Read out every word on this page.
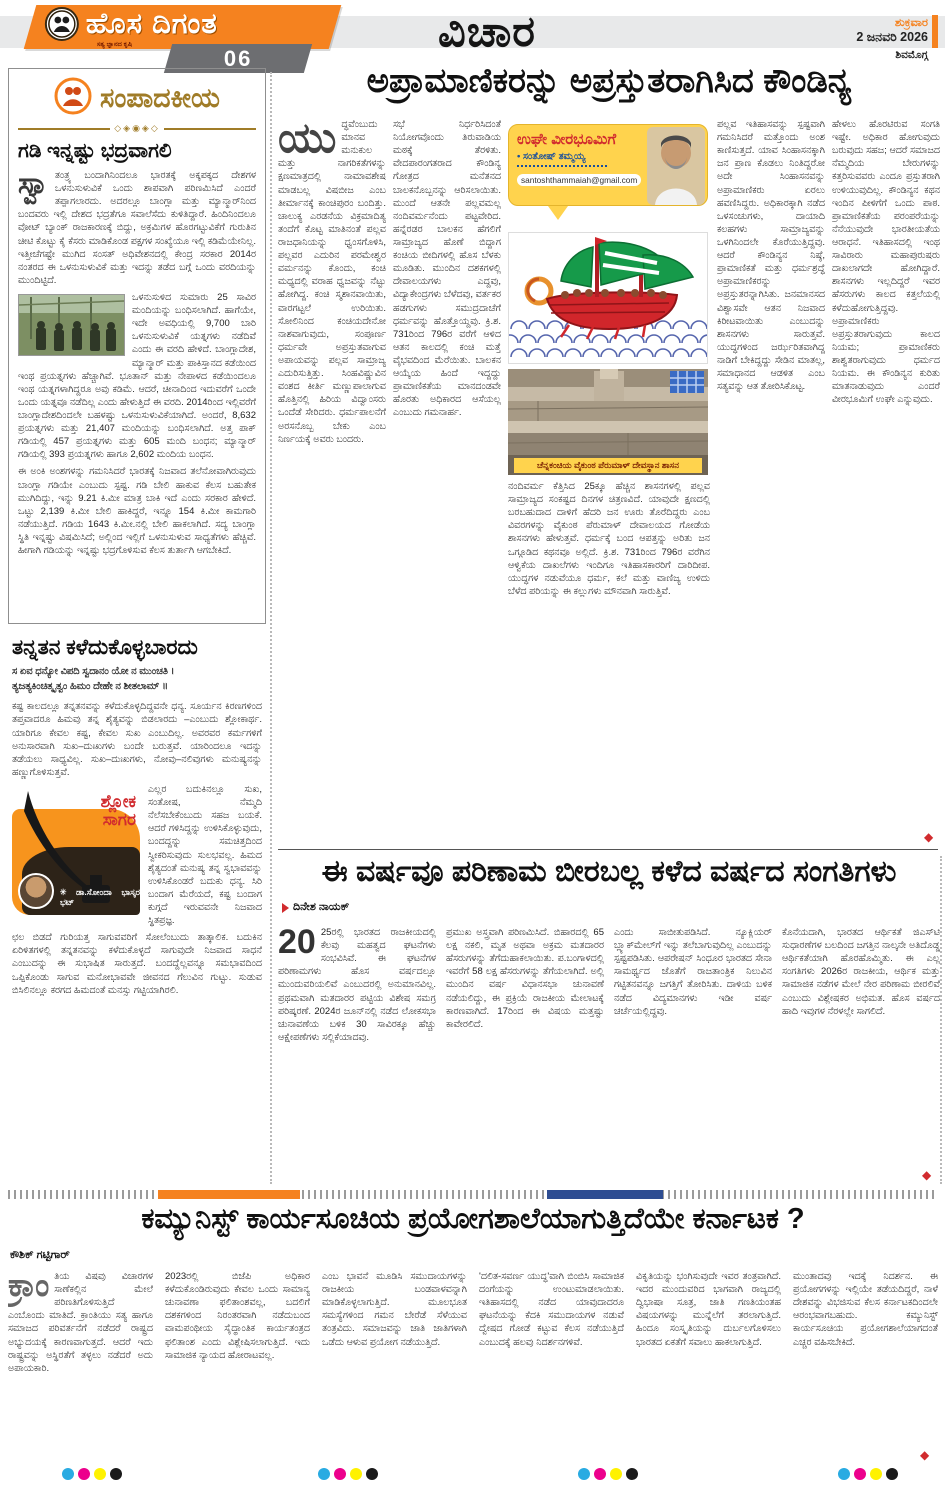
ಹೊಸ ದಿಗಂತ
ಸತ್ಯ ಜ್ಞಾನದ ಕೃಷಿ
06
ವಿಚಾರ	ಶುಕ್ರವಾರ
2 ಜನವರಿ 2026
ಶಿವಮೊಗ್ಗ
ಸಂಪಾದಕೀಯ
◇◈◉◈◇
ಗಡಿ ಇನ್ನಷ್ಟು ಭದ್ರವಾಗಲಿ
ಸ್ವಾ ತಂತ್ರ್ಯ ಬಂದಾಗಿನಿಂದಲೂ ಭಾರತಕ್ಕೆ ಅಕ್ಕಪಕ್ಕದ ದೇಶಗಳ ಒಳನುಸುಳುವಿಕೆ ಒಂದು ಶಾಪವಾಗಿ ಪರಿಣಮಿಸಿದೆ ಎಂದರೆ ತಪ್ಪಾಗಲಾರದು. ಅದರಲ್ಲೂ ಬಾಂಗ್ಲಾ ಮತ್ತು ಮ್ಯಾನ್ಮಾರ್‌ನಿಂದ ಬಂದವರು ಇಲ್ಲಿ ದೇಶದ ಭದ್ರತೆಗೂ ಸವಾಲೆಸೆದು ಕುಳಿತಿದ್ದಾರೆ. ಹಿಂದಿನಿಂದಲೂ ವೋಟ್ ಬ್ಯಾಂಕ್ ರಾಜಕಾರಣಕ್ಕೆ ಬಿದ್ದು, ಅಕ್ರಮಿಗಳ ಹೊರಗಟ್ಟುವಿಕೆಗೆ ಗುರುತಿನ ಚೀಟಿ ಕೊಟ್ಟು ಕೈ ಕೆಸರು ಮಾಡಿಕೊಂಡ ಪಕ್ಷಗಳ ಸಂಖ್ಯೆಯೂ ಇಲ್ಲಿ ಕಡಿಮೆಯೇನಿಲ್ಲ. ಇತ್ತೀಚೆಗಷ್ಟೇ ಮುಗಿದ ಸಂಸತ್ ಅಧಿವೇಶನದಲ್ಲಿ ಕೇಂದ್ರ ಸರಕಾರ 2014ರ ನಂತರದ ಈ ಒಳನುಸುಳುವಿಕೆ ಮತ್ತು ಇದನ್ನು ತಡೆದ ಬಗ್ಗೆ ಒಂದು ವರದಿಯನ್ನು ಮುಂದಿಟ್ಟಿದೆ.
ಒಳನುಸುಳಿದ ಸುಮಾರು 25 ಸಾವಿರ ಮಂದಿಯನ್ನು ಬಂಧಿಸಲಾಗಿದೆ. ಹಾಗೆಯೇ, ಇದೇ ಅವಧಿಯಲ್ಲಿ 9,700 ಬಾರಿ ಒಳನುಸುಳುವಿಕೆ ಯತ್ನಗಳು ನಡೆದಿವೆ ಎಂದು ಈ ವರದಿ ಹೇಳಿದೆ. ಬಾಂಗ್ಲಾದೇಶ, ಮ್ಯಾನ್ಮಾರ್ ಮತ್ತು ಪಾಕಿಸ್ತಾನದ ಕಡೆಯಿಂದ ಇಂಥ ಪ್ರಯತ್ನಗಳು ಹೆಚ್ಚಾಗಿವೆ. ಭೂತಾನ್ ಮತ್ತು ನೇಪಾಳದ ಕಡೆಯಿಂದಲೂ ಇಂಥ ಯತ್ನಗಳಾಗಿದ್ದರೂ ಅವು ಕಡಿಮೆ. ಆದರೆ, ಚೀನಾದಿಂದ ಇದುವರೆಗೆ ಒಂದೇ ಒಂದು ಯತ್ನವೂ ನಡೆದಿಲ್ಲ ಎಂದು ಹೇಳುತ್ತಿದೆ ಈ ವರದಿ. 2014ರಿಂದ ಇಲ್ಲಿವರೆಗೆ ಬಾಂಗ್ಲಾದೇಶದಿಂದಲೇ ಬಹಳಷ್ಟು ಒಳನುಸುಳುವಿಕೆಯಾಗಿದೆ. ಅಂದರೆ, 8,632 ಪ್ರಯತ್ನಗಳು ಮತ್ತು 21,407 ಮಂದಿಯನ್ನು ಬಂಧಿಸಲಾಗಿದೆ. ಅತ್ತ ಪಾಕ್ ಗಡಿಯಲ್ಲಿ 457 ಪ್ರಯತ್ನಗಳು ಮತ್ತು 605 ಮಂದಿ ಬಂಧನ; ಮ್ಯಾನ್ಮಾರ್ ಗಡಿಯಲ್ಲಿ 393 ಪ್ರಯತ್ನಗಳು ಹಾಗೂ 2,602 ಮಂದಿಯ ಬಂಧನ.
ಈ ಅಂಕಿ ಅಂಶಗಳನ್ನು ಗಮನಿಸಿದರೆ ಭಾರತಕ್ಕೆ ನಿಜವಾದ ತಲೆನೋವಾಗಿರುವುದು ಬಾಂಗ್ಲಾ ಗಡಿಯೇ ಎಂಬುದು ಸ್ಪಷ್ಟ. ಗಡಿ ಬೇಲಿ ಹಾಕುವ ಕೆಲಸ ಬಹುತೇಕ ಮುಗಿದಿದ್ದು, ಇನ್ನು 9.21 ಕಿ.ಮೀ ಮಾತ್ರ ಬಾಕಿ ಇದೆ ಎಂದು ಸರಕಾರ ಹೇಳಿದೆ. ಒಟ್ಟು 2,139 ಕಿ.ಮೀ ಬೇಲಿ ಹಾಕಿದ್ದರೆ, ಇನ್ನೂ 154 ಕಿ.ಮೀ ಕಾಮಗಾರಿ ನಡೆಯುತ್ತಿದೆ. ಗಡಿಯ 1643 ಕಿ.ಮೀ.ನಲ್ಲಿ ಬೇಲಿ ಹಾಕಲಾಗಿದೆ. ಸದ್ಯ ಬಾಂಗ್ಲಾ ಸ್ಥಿತಿ ಇನ್ನಷ್ಟು ವಿಷಮಿಸಿದೆ; ಅಲ್ಲಿಂದ ಇಲ್ಲಿಗೆ ಒಳನುಸುಳುವ ಸಾಧ್ಯತೆಗಳು ಹೆಚ್ಚಿವೆ. ಹೀಗಾಗಿ ಗಡಿಯನ್ನು ಇನ್ನಷ್ಟು ಭದ್ರಗೊಳಿಸುವ ಕೆಲಸ ತುರ್ತಾಗಿ ಆಗಬೇಕಿದೆ.
ತನ್ನತನ ಕಳೆದುಕೊಳ್ಳಬಾರದು
ಸ ಏವ ಧನ್ಯೋ ವಿಪದಿ ಸ್ವದಾನಂ ಯೋ ನ ಮುಂಚತಿ ।
ತ್ಯಜತ್ಯಕಿಂಚಿತ್ಕೃತ್ವಂ ಹಿಮಂ ದೇಹೇ ನ ಶೀತಲಾಮ್ ॥
ಕಷ್ಟ ಕಾಲದಲ್ಲೂ ತನ್ನತನವನ್ನು ಕಳೆದುಕೊಳ್ಳದಿದ್ದವನೇ ಧನ್ಯ. ಸೂರ್ಯನ ಕಿರಣಗಳಿಂದ ತಪ್ತವಾದರೂ ಹಿಮವು ತನ್ನ ಶೈತ್ಯವನ್ನು ಬಿಡಲಾರದು –ಎಂಬುದು ಶ್ಲೋಕಾರ್ಥ. ಯಾರಿಗೂ ಕೇವಲ ಕಷ್ಟ, ಕೇವಲ ಸುಖ ಎಂಬುದಿಲ್ಲ. ಅವರವರ ಕರ್ಮಗಳಿಗೆ ಅನುಸಾರವಾಗಿ ಸುಖ–ದುಃಖಗಳು ಬಂದೇ ಬರುತ್ತವೆ. ಯಾರಿಂದಲೂ ಇದನ್ನು ತಡೆಯಲು ಸಾಧ್ಯವಿಲ್ಲ. ಸುಖ–ದುಃಖಗಳು, ನೋವು–ನಲಿವುಗಳು ಮನುಷ್ಯನನ್ನು ಹಣ್ಣುಗೊಳಿಸುತ್ತವೆ.
ಶ್ಲೋಕ
ಸಾಗರ
✳ ಡಾ.ಸೋಂದಾ ಭಾಸ್ಕರ ಭಟ್
ಎಲ್ಲರ ಬದುಕಿನಲ್ಲೂ ಸುಖ, ಸಂತೋಷ, ನೆಮ್ಮದಿ ನೆಲೆಸಬೇಕೆಂಬುದು ಸಹಜ ಬಯಕೆ. ಆದರೆ ಗಳಿಸಿದ್ದನ್ನು ಉಳಿಸಿಕೊಳ್ಳುವುದು, ಬಂದದ್ದನ್ನು ಸಮಚಿತ್ತದಿಂದ ಸ್ವೀಕರಿಸುವುದು ಸುಲಭವಲ್ಲ. ಹಿಮದ ಶೈತ್ಯದಂತೆ ಮನುಷ್ಯ ತನ್ನ ಸ್ವಭಾವವನ್ನು ಉಳಿಸಿಕೊಂಡರೆ ಬದುಕು ಧನ್ಯ. ಸಿರಿ ಬಂದಾಗ ಮೆರೆಯದೆ, ಕಷ್ಟ ಬಂದಾಗ ಕುಗ್ಗದೆ ಇರುವವನೇ ನಿಜವಾದ ಸ್ಥಿತಪ್ರಜ್ಞ.
ಛಲ ಬಿಡದೆ ಗುರಿಯತ್ತ ಸಾಗುವವರಿಗೆ ಸೋಲೆಂಬುದು ತಾತ್ಕಾಲಿಕ. ಬದುಕಿನ ಏರಿಳಿತಗಳಲ್ಲಿ ತನ್ನತನವನ್ನು ಕಳೆದುಕೊಳ್ಳದೆ ಸಾಗುವುದೇ ನಿಜವಾದ ಸಾಧನೆ ಎಂಬುದನ್ನು ಈ ಸುಭಾಷಿತ ಸಾರುತ್ತದೆ. ಬಂದದ್ದೆಲ್ಲವನ್ನೂ ಸಮಭಾವದಿಂದ ಒಪ್ಪಿಕೊಂಡು ಸಾಗುವ ಮನೋಭಾವವೇ ಜೀವನದ ಗೆಲುವಿನ ಗುಟ್ಟು. ಸುಡುವ ಬಿಸಿಲಿನಲ್ಲೂ ಕರಗದ ಹಿಮದಂತೆ ಮನಸ್ಸು ಗಟ್ಟಿಯಾಗಿರಲಿ.
ಅಪ್ರಾಮಾಣಿಕರನ್ನು ಅಪ್ರಸ್ತುತರಾಗಿಸಿದ ಕೌಂಡಿನ್ಯ
ಯುದ್ಧವೆಂಬುದು ಮಾನವ ಮನುಕುಲ ಮತ್ತು ನಾಗರಿಕತೆಗಳನ್ನು ಕ್ಷಣಮಾತ್ರದಲ್ಲಿ ನಾಮಾವಶೇಷ ಮಾಡಬಲ್ಲ ವಿಷಬೀಜ ಎಂಬ ತೀರ್ಮಾನಕ್ಕೆ ಕಾಂಚಿಪುರಂ ಬಂದಿತ್ತು. ಚಾಲುಕ್ಯ ಎರಡನೆಯ ವಿಕ್ರಮಾದಿತ್ಯ ತಂದೆಗೆ ಕೊಟ್ಟ ಮಾತಿನಂತೆ ಪಲ್ಲವ ರಾಜಧಾನಿಯನ್ನು ಧ್ವಂಸಗೊಳಿಸಿ, ಪಲ್ಲವರ ಎದುರಿನ ಪರಮೇಶ್ವರ ವರ್ಮನನ್ನು ಕೊಂದು, ಕಂಚಿ ಮಧ್ಯದಲ್ಲಿ ವರಾಹ ಧ್ವಜವನ್ನು ನೆಟ್ಟು ಹೋಗಿದ್ದ. ಕಂಚಿ ಸ್ಮಶಾನವಾಯಿತು, ವಾರಗಟ್ಟಲೆ ಉರಿಯಿತು. ಸೋಲಿನಿಂದ ಕಂಚಿಯದೇನೋ ನಾಶವಾಗುವುದು, ಸಂಪೂರ್ಣ ಧರ್ಮವೇ ಅಪ್ರಸ್ತುತವಾಗುವ ಅಪಾಯವನ್ನು ಪಲ್ಲವ ಸಾಮ್ರಾಜ್ಯ ಎದುರಿಸುತ್ತಿತ್ತು. ಸಿಂಹವಿಷ್ಣುವಿನ ವಂಶದ ಕೀರ್ತಿ ಮಣ್ಣುಪಾಲಾಗುವ ಹೊತ್ತಿನಲ್ಲಿ ಹಿರಿಯ ವಿದ್ವಾಂಸರು ಒಂದೆಡೆ ಸೇರಿದರು. ಧರ್ಮಪಾಲನೆಗೆ ಅರಸನೊಬ್ಬ ಬೇಕು ಎಂಬ ನಿರ್ಣಯಕ್ಕೆ ಅವರು ಬಂದರು.
ಸಭೆ ನಿರ್ಧರಿಸಿದಂತೆ ನಿಯೋಗವೊಂದು ತಿರುವಾಡಿಯ ಮಠಕ್ಕೆ ತೆರಳಿತು. ವೇದಪಾರಂಗತರಾದ ಕೌಂಡಿನ್ಯ ಗೋತ್ರದ ಮನೆತನದ ಬಾಲಕನೊಬ್ಬನನ್ನು ಆರಿಸಲಾಯಿತು. ಮುಂದೆ ಆತನೇ ಪಲ್ಲವಮಲ್ಲ ನಂದಿವರ್ಮನೆಂದು ಪಟ್ಟವೇರಿದ. ಹನ್ನೆರಡರ ಬಾಲಕನ ಹೆಗಲಿಗೆ ಸಾಮ್ರಾಜ್ಯದ ಹೊಣೆ ಬಿದ್ದಾಗ ಕಂಚಿಯ ಬೀದಿಗಳಲ್ಲಿ ಹೊಸ ಬೆಳಕು ಮೂಡಿತು. ಮುಂದಿನ ದಶಕಗಳಲ್ಲಿ ದೇವಾಲಯಗಳು ಎದ್ದವು, ವಿದ್ಯಾಕೇಂದ್ರಗಳು ಬೆಳೆದವು, ವರ್ತಕರ ಹಡಗುಗಳು ಸಮುದ್ರದಾಚೆಗೆ ಧರ್ಮವನ್ನು ಹೊತ್ತೊಯ್ದವು. ಕ್ರಿ.ಶ. 731ರಿಂದ 796ರ ವರೆಗೆ ಆಳಿದ ಆತನ ಕಾಲದಲ್ಲಿ ಕಂಚಿ ಮತ್ತೆ ವೈಭವದಿಂದ ಮೆರೆಯಿತು. ಬಾಲಕನ ಆಯ್ಕೆಯ ಹಿಂದೆ ಇದ್ದದ್ದು ಪ್ರಾಮಾಣಿಕತೆಯ ಮಾನದಂಡವೇ ಹೊರತು ಅಧಿಕಾರದ ಆಸೆಯಲ್ಲ ಎಂಬುದು ಗಮನಾರ್ಹ.
ಉಘೇ ವೀರಭೂಮಿಗೆ
• ಸಂತೋಷ್ ತಮ್ಮಯ್ಯ
santoshthammaiah@gmail.com
ಚೆನ್ನಕಂಚಿಯ ವೈಕುಂಠ ಪೆರುಮಾಳ್ ದೇವಸ್ಥಾನ ಶಾಸನ
ನಂದಿವರ್ಮ ಕೆತ್ತಿಸಿದ 25ಕ್ಕೂ ಹೆಚ್ಚಿನ ಶಾಸನಗಳಲ್ಲಿ ಪಲ್ಲವ ಸಾಮ್ರಾಜ್ಯದ ಸಂಕಷ್ಟದ ದಿನಗಳ ಚಿತ್ರಣವಿದೆ. ಯಾವುದೇ ಕ್ಷಣದಲ್ಲಿ ಬರಬಹುದಾದ ದಾಳಿಗೆ ಹೆದರಿ ಜನ ಊರು ತೊರೆದಿದ್ದರು ಎಂಬ ವಿವರಗಳನ್ನು ವೈಕುಂಠ ಪೆರುಮಾಳ್ ದೇವಾಲಯದ ಗೋಡೆಯ ಶಾಸನಗಳು ಹೇಳುತ್ತವೆ. ಧರ್ಮಕ್ಕೆ ಬಂದ ಆಪತ್ತನ್ನು ಅರಿತು ಜನ ಒಗ್ಗೂಡಿದ ಕಥನವೂ ಅಲ್ಲಿದೆ. ಕ್ರಿ.ಶ. 731ರಿಂದ 796ರ ವರೆಗಿನ ಆಳ್ವಿಕೆಯ ದಾಖಲೆಗಳು ಇಂದಿಗೂ ಇತಿಹಾಸಕಾರರಿಗೆ ದಾರಿದೀಪ. ಯುದ್ಧಗಳ ನಡುವೆಯೂ ಧರ್ಮ, ಕಲೆ ಮತ್ತು ವಾಣಿಜ್ಯ ಉಳಿದು ಬೆಳೆದ ಪರಿಯನ್ನು ಈ ಕಲ್ಲುಗಳು ಮೌನವಾಗಿ ಸಾರುತ್ತಿವೆ.
ಪಲ್ಲವ ಇತಿಹಾಸವನ್ನು ಸ್ಪಷ್ಟವಾಗಿ ಗಮನಿಸಿದರೆ ಮತ್ತೊಂದು ಅಂಶ ಕಾಣಿಸುತ್ತದೆ. ಯಾವ ಸಿಂಹಾಸನಕ್ಕಾಗಿ ಜನ ಪ್ರಾಣ ಕೊಡಲು ನಿಂತಿದ್ದರೋ ಅದೇ ಸಿಂಹಾಸನವನ್ನು ಅಪ್ರಾಮಾಣಿಕರು ಏರಲು ಹವಣಿಸಿದ್ದರು. ಅಧಿಕಾರಕ್ಕಾಗಿ ನಡೆದ ಒಳಸಂಚುಗಳು, ದಾಯಾದಿ ಕಲಹಗಳು ಸಾಮ್ರಾಜ್ಯವನ್ನು ಒಳಗಿನಿಂದಲೇ ಕೊರೆಯುತ್ತಿದ್ದವು. ಆದರೆ ಕೌಂಡಿನ್ಯನ ನಿಷ್ಠೆ, ಪ್ರಾಮಾಣಿಕತೆ ಮತ್ತು ಧರ್ಮಶ್ರದ್ಧೆ ಅಪ್ರಾಮಾಣಿಕರನ್ನು ಅಪ್ರಸ್ತುತರನ್ನಾಗಿಸಿತು. ಜನಮಾನಸದ ವಿಶ್ವಾಸವೇ ಆತನ ನಿಜವಾದ ಕಿರೀಟವಾಯಿತು ಎಂಬುದನ್ನು ಶಾಸನಗಳು ಸಾರುತ್ತವೆ. ಯುದ್ಧಗಳಿಂದ ಜರ್ಝರಿತವಾಗಿದ್ದ ನಾಡಿಗೆ ಬೇಕಿದ್ದದ್ದು ಸೇಡಿನ ಮಾತಲ್ಲ, ಸಮಾಧಾನದ ಆಡಳಿತ ಎಂಬ ಸತ್ಯವನ್ನು ಆತ ತೋರಿಸಿಕೊಟ್ಟ.
ಹೇಳಲು ಹೊರಟಿರುವ ಸಂಗತಿ ಇಷ್ಟೇ. ಅಧಿಕಾರ ಹೋಗುವುದು ಬರುವುದು ಸಹಜ; ಆದರೆ ಸಮಾಜದ ನೆಮ್ಮದಿಯ ಬೇರುಗಳನ್ನು ಕತ್ತರಿಸುವವರು ಎಂದೂ ಪ್ರಸ್ತುತರಾಗಿ ಉಳಿಯುವುದಿಲ್ಲ. ಕೌಂಡಿನ್ಯನ ಕಥನ ಇಂದಿನ ಪೀಳಿಗೆಗೆ ಒಂದು ಪಾಠ. ಪ್ರಾಮಾಣಿಕತೆಯ ಪರಂಪರೆಯನ್ನು ನೆನೆಯುವುದೇ ಭಾರತೀಯತೆಯ ಆರಾಧನೆ. ಇತಿಹಾಸದಲ್ಲಿ ಇಂಥ ಸಾವಿರಾರು ಮಹಾಪುರುಷರು ದಾಖಲಾಗದೇ ಹೋಗಿದ್ದಾರೆ. ಶಾಸನಗಳು ಇಲ್ಲದಿದ್ದರೆ ಇವರ ಹೆಸರುಗಳು ಕಾಲದ ಕತ್ತಲೆಯಲ್ಲಿ ಕಳೆದುಹೋಗುತ್ತಿದ್ದವು. ಅಪ್ರಾಮಾಣಿಕರು ಅಪ್ರಸ್ತುತರಾಗುವುದು ಕಾಲದ ನಿಯಮ; ಪ್ರಾಮಾಣಿಕರು ಶಾಶ್ವತರಾಗುವುದು ಧರ್ಮದ ನಿಯಮ. ಈ ಕೌಂಡಿನ್ಯನ ಕುರಿತು ಮಾತನಾಡುವುದು ಎಂದರೆ ವೀರಭೂಮಿಗೆ ಉಘೇ ಎನ್ನುವುದು.
◆
ಈ ವರ್ಷವೂ ಪರಿಣಾಮ ಬೀರಬಲ್ಲ ಕಳೆದ ವರ್ಷದ ಸಂಗತಿಗಳು
ದಿನೇಶ ನಾಯಕ್
20 25ರಲ್ಲಿ ಭಾರತದ ರಾಜಕೀಯದಲ್ಲಿ ಕೆಲವು ಮಹತ್ವದ ಘಟನೆಗಳು ಸಂಭವಿಸಿವೆ. ಈ ಘಟನೆಗಳ ಪರಿಣಾಮಗಳು ಹೊಸ ವರ್ಷದಲ್ಲೂ ಮುಂದುವರಿಯಲಿವೆ ಎಂಬುದರಲ್ಲಿ ಅನುಮಾನವಿಲ್ಲ. ಪ್ರಥಮವಾಗಿ ಮತದಾರರ ಪಟ್ಟಿಯ ವಿಶೇಷ ಸಮಗ್ರ ಪರಿಷ್ಕರಣೆ. 2024ರ ಜೂನ್‌ನಲ್ಲಿ ನಡೆದ ಲೋಕಸಭಾ ಚುನಾವಣೆಯ ಬಳಿಕ 30 ಸಾವಿರಕ್ಕೂ ಹೆಚ್ಚು ಆಕ್ಷೇಪಣೆಗಳು ಸಲ್ಲಿಕೆಯಾದವು.
ಪ್ರಮುಖ ಅಸ್ತ್ರವಾಗಿ ಪರಿಣಮಿಸಿದೆ. ಬಿಹಾರದಲ್ಲಿ 65 ಲಕ್ಷ ನಕಲಿ, ಮೃತ ಅಥವಾ ಅಕ್ರಮ ಮತದಾರರ ಹೆಸರುಗಳನ್ನು ತೆಗೆದುಹಾಕಲಾಯಿತು. ಪ.ಬಂಗಾಳದಲ್ಲಿ ಇವರೆಗೆ 58 ಲಕ್ಷ ಹೆಸರುಗಳನ್ನು ತೆಗೆಯಲಾಗಿದೆ. ಅಲ್ಲಿ ಮುಂದಿನ ವರ್ಷ ವಿಧಾನಸಭಾ ಚುನಾವಣೆ ನಡೆಯಲಿದ್ದು, ಈ ಪ್ರಕ್ರಿಯೆ ರಾಜಕೀಯ ಮೇಲಾಟಕ್ಕೆ ಕಾರಣವಾಗಿದೆ. 17ರಿಂದ ಈ ವಿಷಯ ಮತ್ತಷ್ಟು ಕಾವೇರಲಿದೆ.
ಎಂದು ಸಾಬೀತುಪಡಿಸಿದೆ. ನ್ಯೂಕ್ಲಿಯರ್ ಬ್ಲ್ಯಾಕ್‌ಮೇಲ್‌ಗೆ ಇನ್ನು ತಲೆಬಾಗುವುದಿಲ್ಲ ಎಂಬುದನ್ನು ಸ್ಪಷ್ಟಪಡಿಸಿತು. ಆಪರೇಷನ್ ಸಿಂಧೂರ ಭಾರತದ ಸೇನಾ ಸಾಮರ್ಥ್ಯದ ಜೊತೆಗೆ ರಾಜತಾಂತ್ರಿಕ ನಿಲುವಿನ ಗಟ್ಟಿತನವನ್ನೂ ಜಗತ್ತಿಗೆ ತೋರಿಸಿತು. ದಾಳಿಯ ಬಳಿಕ ನಡೆದ ವಿದ್ಯಮಾನಗಳು ಇಡೀ ವರ್ಷ ಚರ್ಚೆಯಲ್ಲಿದ್ದವು.
ಕೊನೆಯದಾಗಿ, ಭಾರತದ ಆರ್ಥಿಕತೆ ಜಿಎಸ್‌ಟಿ ಸುಧಾರಣೆಗಳ ಬಲದಿಂದ ಜಗತ್ತಿನ ನಾಲ್ಕನೇ ಅತಿದೊಡ್ಡ ಆರ್ಥಿಕತೆಯಾಗಿ ಹೊರಹೊಮ್ಮಿತು. ಈ ಎಲ್ಲ ಸಂಗತಿಗಳು 2026ರ ರಾಜಕೀಯ, ಆರ್ಥಿಕ ಮತ್ತು ಸಾಮಾಜಿಕ ನಡೆಗಳ ಮೇಲೆ ನೇರ ಪರಿಣಾಮ ಬೀರಲಿವೆ ಎಂಬುದು ವಿಶ್ಲೇಷಕರ ಅಭಿಮತ. ಹೊಸ ವರ್ಷದ ಹಾದಿ ಇವುಗಳ ನೆರಳಲ್ಲೇ ಸಾಗಲಿದೆ.
◆
ಕಮ್ಯುನಿಸ್ಟ್ ಕಾರ್ಯಸೂಚಿಯ ಪ್ರಯೋಗಶಾಲೆಯಾಗುತ್ತಿದೆಯೇ ಕರ್ನಾಟಕ ?
ಕೌಶಿಕ್ ಗಟ್ಟಿಗಾರ್
ಕ್ರಾಂ ತಿಯ ವಿಷವು ವಿಚಾರಗಳ ಸಾಣೆಕಲ್ಲಿನ ಮೇಲೆ ಪರಿಣತಿಗೊಳಿಸುತ್ತಿದೆ ಎಂಬೊಂದು ಮಾತಿದೆ. ಕ್ರಾಂತಿಯು ಸತ್ಯ ಹಾಗೂ ಸಮಾಜದ ಪರಿವರ್ತನೆಗೆ ನಡೆದರೆ ರಾಷ್ಟ್ರದ ಅಭ್ಯುದಯಕ್ಕೆ ಕಾರಣವಾಗುತ್ತದೆ. ಆದರೆ ಇದು ರಾಷ್ಟ್ರವನ್ನು ಅಸ್ಥಿರತೆಗೆ ತಳ್ಳಲು ನಡೆದರೆ ಅದು ಅಪಾಯಕಾರಿ.
2023ರಲ್ಲಿ ಬಿಜೆಪಿ ಅಧಿಕಾರ ಕಳೆದುಕೊಂಡಿರುವುದು ಕೇವಲ ಒಂದು ಸಾಮಾನ್ಯ ಚುನಾವಣಾ ಫಲಿತಾಂಶವಲ್ಲ, ಬದಲಿಗೆ ದಶಕಗಳಿಂದ ನಿರಂತರವಾಗಿ ನಡೆದುಬಂದ ವಾಮಪಂಥೀಯ ಸೈದ್ಧಾಂತಿಕ ಕಾರ್ಯತಂತ್ರದ ಫಲಿತಾಂಶ ಎಂದು ವಿಶ್ಲೇಷಿಸಲಾಗುತ್ತಿದೆ. ಇದು ಸಾಮಾಜಿಕ ನ್ಯಾಯದ ಹೋರಾಟವಲ್ಲ.
ಎಂಬ ಭಾವನೆ ಮೂಡಿಸಿ ಸಮುದಾಯಗಳನ್ನು ರಾಜಕೀಯ ಬಂಡವಾಳವನ್ನಾಗಿ ಮಾಡಿಕೊಳ್ಳಲಾಗುತ್ತಿದೆ. ಮೂಲಭೂತ ಸಮಸ್ಯೆಗಳಿಂದ ಗಮನ ಬೇರೆಡೆ ಸೆಳೆಯುವ ತಂತ್ರವಿದು. ಸಮಾಜವನ್ನು ಜಾತಿ ಜಾತಿಗಳಾಗಿ ಒಡೆದು ಆಳುವ ಪ್ರಯೋಗ ನಡೆಯುತ್ತಿದೆ.
'ದಲಿತ-ಸವರ್ಣ ಯುದ್ಧ'ವಾಗಿ ಬಿಂಬಿಸಿ ಸಾಮಾಜಿಕ ದಂಗೆಯನ್ನು ಉಂಟುಮಾಡಲಾಯಿತು. ಇತಿಹಾಸದಲ್ಲಿ ನಡೆದ ಯಾವುದಾದರೂ ಘಟನೆಯನ್ನು ಕೆದಕಿ ಸಮುದಾಯಗಳ ನಡುವೆ ದ್ವೇಷದ ಗೋಡೆ ಕಟ್ಟುವ ಕೆಲಸ ನಡೆಯುತ್ತಿದೆ ಎಂಬುದಕ್ಕೆ ಹಲವು ನಿದರ್ಶನಗಳಿವೆ.
ವಿಕೃತಿಯನ್ನು ಭಂಗಿಸುವುದೇ ಇವರ ತಂತ್ರವಾಗಿದೆ. ಇದರ ಮುಂದುವರಿದ ಭಾಗವಾಗಿ ರಾಜ್ಯದಲ್ಲಿ ದ್ವಿಭಾಷಾ ಸೂತ್ರ, ಜಾತಿ ಗಣತಿಯಂತಹ ವಿಷಯಗಳನ್ನು ಮುನ್ನೆಲೆಗೆ ತರಲಾಗುತ್ತಿದೆ. ಹಿಂದೂ ಸಂಸ್ಕೃತಿಯನ್ನು ದುರ್ಬಲಗೊಳಿಸಲು ಭಾರತದ ಏಕತೆಗೆ ಸವಾಲು ಹಾಕಲಾಗುತ್ತಿದೆ.
ಮುಂತಾದವು ಇದಕ್ಕೆ ನಿದರ್ಶನ. ಈ ಪ್ರಯೋಗಗಳನ್ನು ಇಲ್ಲಿಯೇ ತಡೆಯದಿದ್ದರೆ, ನಾಳೆ ದೇಶವನ್ನು ವಿಭಜಿಸುವ ಕೆಲಸ ಕರ್ನಾಟಕದಿಂದಲೇ ಆರಂಭವಾಗಬಹುದು. ಕಮ್ಯುನಿಸ್ಟ್ ಕಾರ್ಯಸೂಚಿಯ ಪ್ರಯೋಗಶಾಲೆಯಾಗದಂತೆ ಎಚ್ಚರ ವಹಿಸಬೇಕಿದೆ.
◆
